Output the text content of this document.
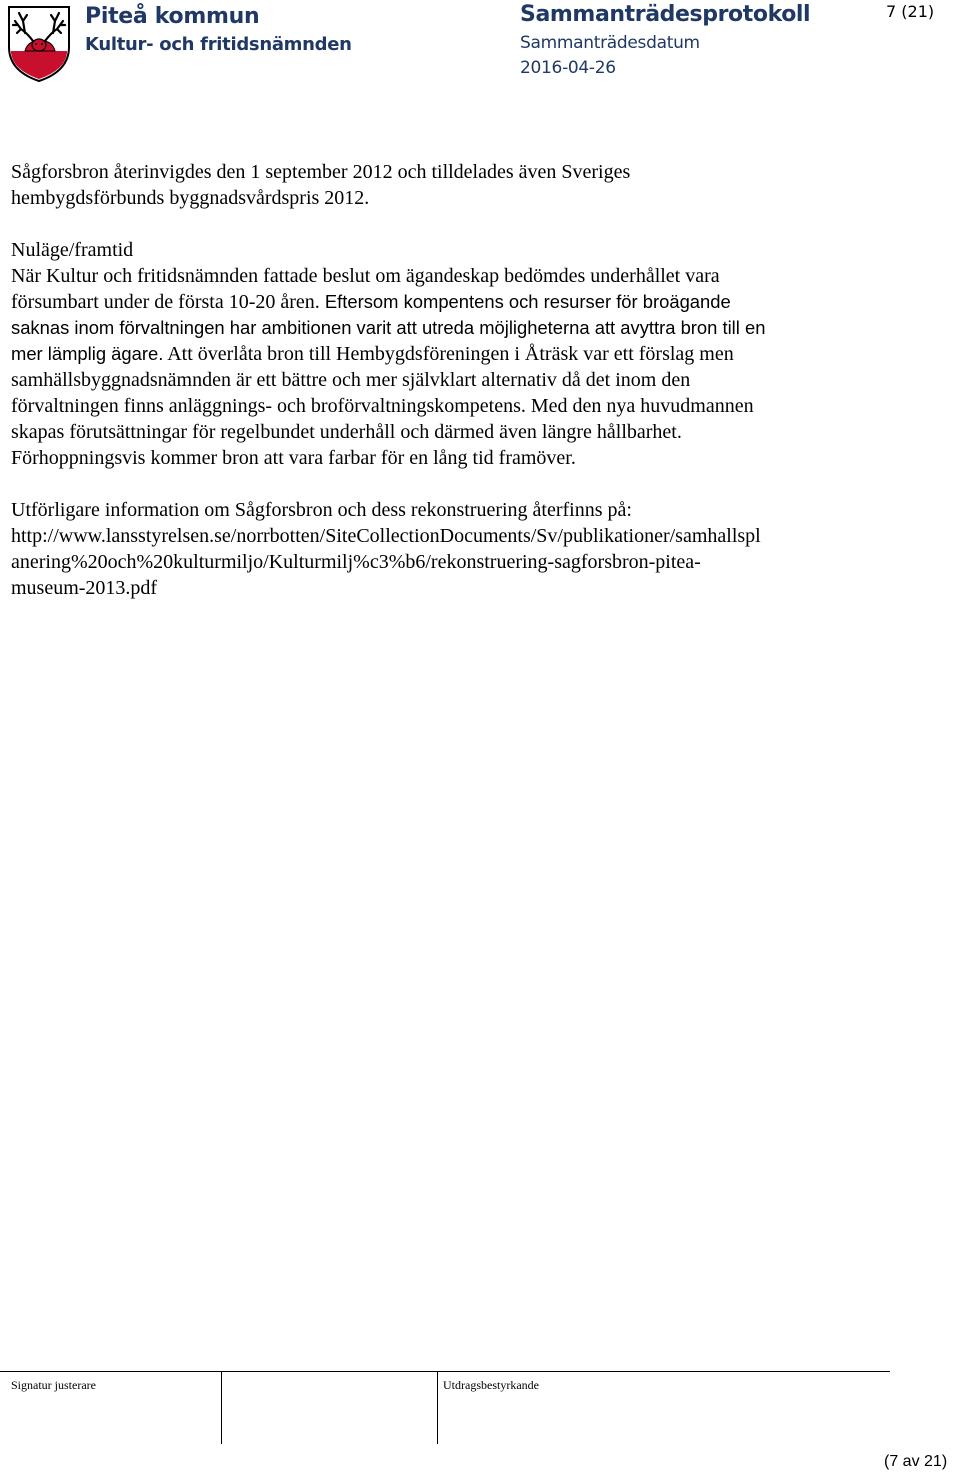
Piteå kommun
Kultur- och fritidsnämnden
Sammanträdesprotokoll
Sammanträdesdatum
2016-04-26
7 (21)

Sågforsbron återinvigdes den 1 september 2012 och tilldelades även Sveriges
hembygdsförbunds byggnadsvårdspris 2012.

Nuläge/framtid
När Kultur och fritidsnämnden fattade beslut om ägandeskap bedömdes underhållet vara
försumbart under de första 10-20 åren. Eftersom kompentens och resurser för broägande
saknas inom förvaltningen har ambitionen varit att utreda möjligheterna att avyttra bron till en
mer lämplig ägare. Att överlåta bron till Hembygdsföreningen i Åträsk var ett förslag men
samhällsbyggnadsnämnden är ett bättre och mer självklart alternativ då det inom den
förvaltningen finns anläggnings- och broförvaltningskompetens. Med den nya huvudmannen
skapas förutsättningar för regelbundet underhåll och därmed även längre hållbarhet.
Förhoppningsvis kommer bron att vara farbar för en lång tid framöver.

Utförligare information om Sågforsbron och dess rekonstruering återfinns på:
http://www.lansstyrelsen.se/norrbotten/SiteCollectionDocuments/Sv/publikationer/samhallspl
anering%20och%20kulturmiljo/Kulturmilj%c3%b6/rekonstruering-sagforsbron-pitea-
museum-2013.pdf

Signatur justerare	Utdragsbestyrkande
(7 av 21)
